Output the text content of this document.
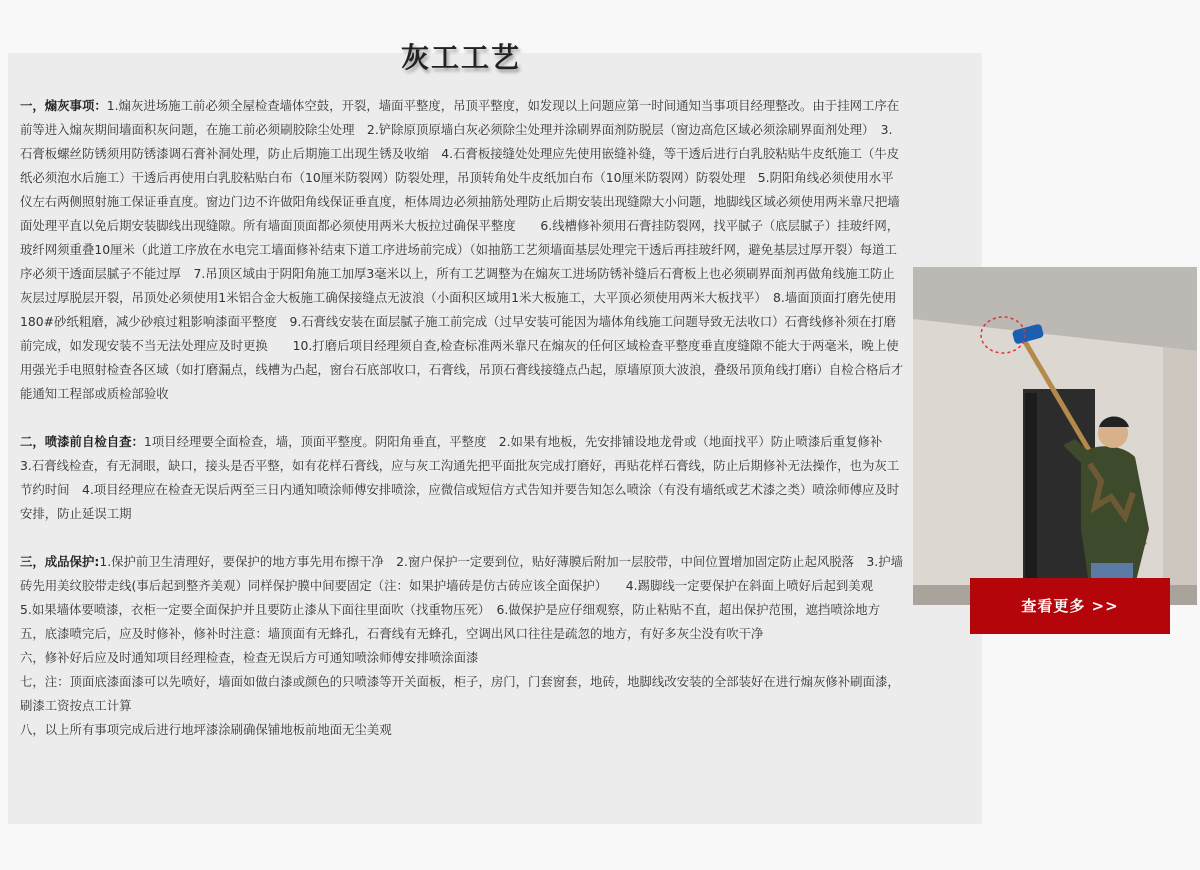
灰工工艺

一，煽灰事项：1.煽灰进场施工前必须全屋检查墙体空鼓，开裂，墙面平整度，吊顶平整度，如发现以上问题应第一时间通知当事项目经理整改。由于挂网工序在前等进入煽灰期间墙面积灰问题，在施工前必须刷胶除尘处理　2.铲除原顶原墙白灰必须除尘处理并涂刷界面剂防脱层（窗边高危区域必须涂刷界面剂处理）　3.石膏板螺丝防锈须用防锈漆调石膏补洞处理，防止后期施工出现生锈及收缩　4.石膏板接缝处处理应先使用嵌缝补缝，等干透后进行白乳胶粘贴牛皮纸施工（牛皮纸必须泡水后施工）干透后再使用白乳胶粘贴白布（10厘米防裂网）防裂处理，吊顶转角处牛皮纸加白布（10厘米防裂网）防裂处理　5.阴阳角线必须使用水平仪左右两侧照射施工保证垂直度。窗边门边不许做阳角线保证垂直度，柜体周边必须抽筋处理防止后期安装出现缝隙大小问题，地脚线区域必须使用两米靠尺把墙面处理平直以免后期安装脚线出现缝隙。所有墙面顶面都必须使用两米大板拉过确保平整度　　6.线槽修补须用石膏挂防裂网，找平腻子（底层腻子）挂玻纤网，玻纤网须重叠10厘米（此道工序放在水电完工墙面修补结束下道工序进场前完成）（如抽筋工艺须墙面基层处理完干透后再挂玻纤网，避免基层过厚开裂）每道工序必须干透面层腻子不能过厚　7.吊顶区域由于阴阳角施工加厚3毫米以上，所有工艺调整为在煽灰工进场防锈补缝后石膏板上也必须刷界面剂再做角线施工防止灰层过厚脱层开裂，吊顶处必须使用1米铝合金大板施工确保接缝点无波浪（小面积区域用1米大板施工，大平顶必须使用两米大板找平）　8.墙面顶面打磨先使用180#砂纸粗磨，减少砂痕过粗影响漆面平整度　9.石膏线安装在面层腻子施工前完成（过早安装可能因为墙体角线施工问题导致无法收口）石膏线修补须在打磨前完成，如发现安装不当无法处理应及时更换　　10.打磨后项目经理须自查,检查标准两米靠尺在煽灰的任何区域检查平整度垂直度缝隙不能大于两毫米，晚上使用强光手电照射检查各区域（如打磨漏点，线槽为凸起，窗台石底部收口，石膏线，吊顶石膏线接缝点凸起，原墙原顶大波浪，叠级吊顶角线打磨i）自检合格后才能通知工程部或质检部验收

二，喷漆前自检自查：1项目经理要全面检查，墙，顶面平整度。阴阳角垂直，平整度　2.如果有地板，先安排铺设地龙骨或（地面找平）防止喷漆后重复修补　3.石膏线检查，有无洞眼，缺口，接头是否平整，如有花样石膏线，应与灰工沟通先把平面批灰完成打磨好，再贴花样石膏线，防止后期修补无法操作，也为灰工节约时间　4.项目经理应在检查无误后两至三日内通知喷涂师傅安排喷涂，应微信或短信方式告知并要告知怎么喷涂（有没有墙纸或艺术漆之类）喷涂师傅应及时安排，防止延误工期

三，成品保护:1.保护前卫生清理好，要保护的地方事先用布擦干净　2.窗户保护一定要到位，贴好薄膜后附加一层胶带，中间位置增加固定防止起风脱落　3.护墙砖先用美纹胶带走线(事后起到整齐美观）同样保护膜中间要固定（注：如果护墙砖是仿古砖应该全面保护）　　4.踢脚线一定要保护在斜面上喷好后起到美观

5.如果墙体要喷漆，衣柜一定要全面保护并且要防止漆从下面往里面吹（找重物压死）　6.做保护是应仔细观察，防止粘贴不直，超出保护范围，遮挡喷涂地方

五，底漆喷完后，应及时修补，修补时注意：墙顶面有无蜂孔，石膏线有无蜂孔，空调出风口往往是疏忽的地方，有好多灰尘没有吹干净

六，修补好后应及时通知项目经理检查，检查无误后方可通知喷涂师傅安排喷涂面漆

七，注：顶面底漆面漆可以先喷好，墙面如做白漆或颜色的只喷漆等开关面板，柜子，房门，门套窗套，地砖，地脚线改安装的全部装好在进行煽灰修补刷面漆，刷漆工资按点工计算

八，以上所有事项完成后进行地坪漆涂刷确保铺地板前地面无尘美观

查看更多 >>
